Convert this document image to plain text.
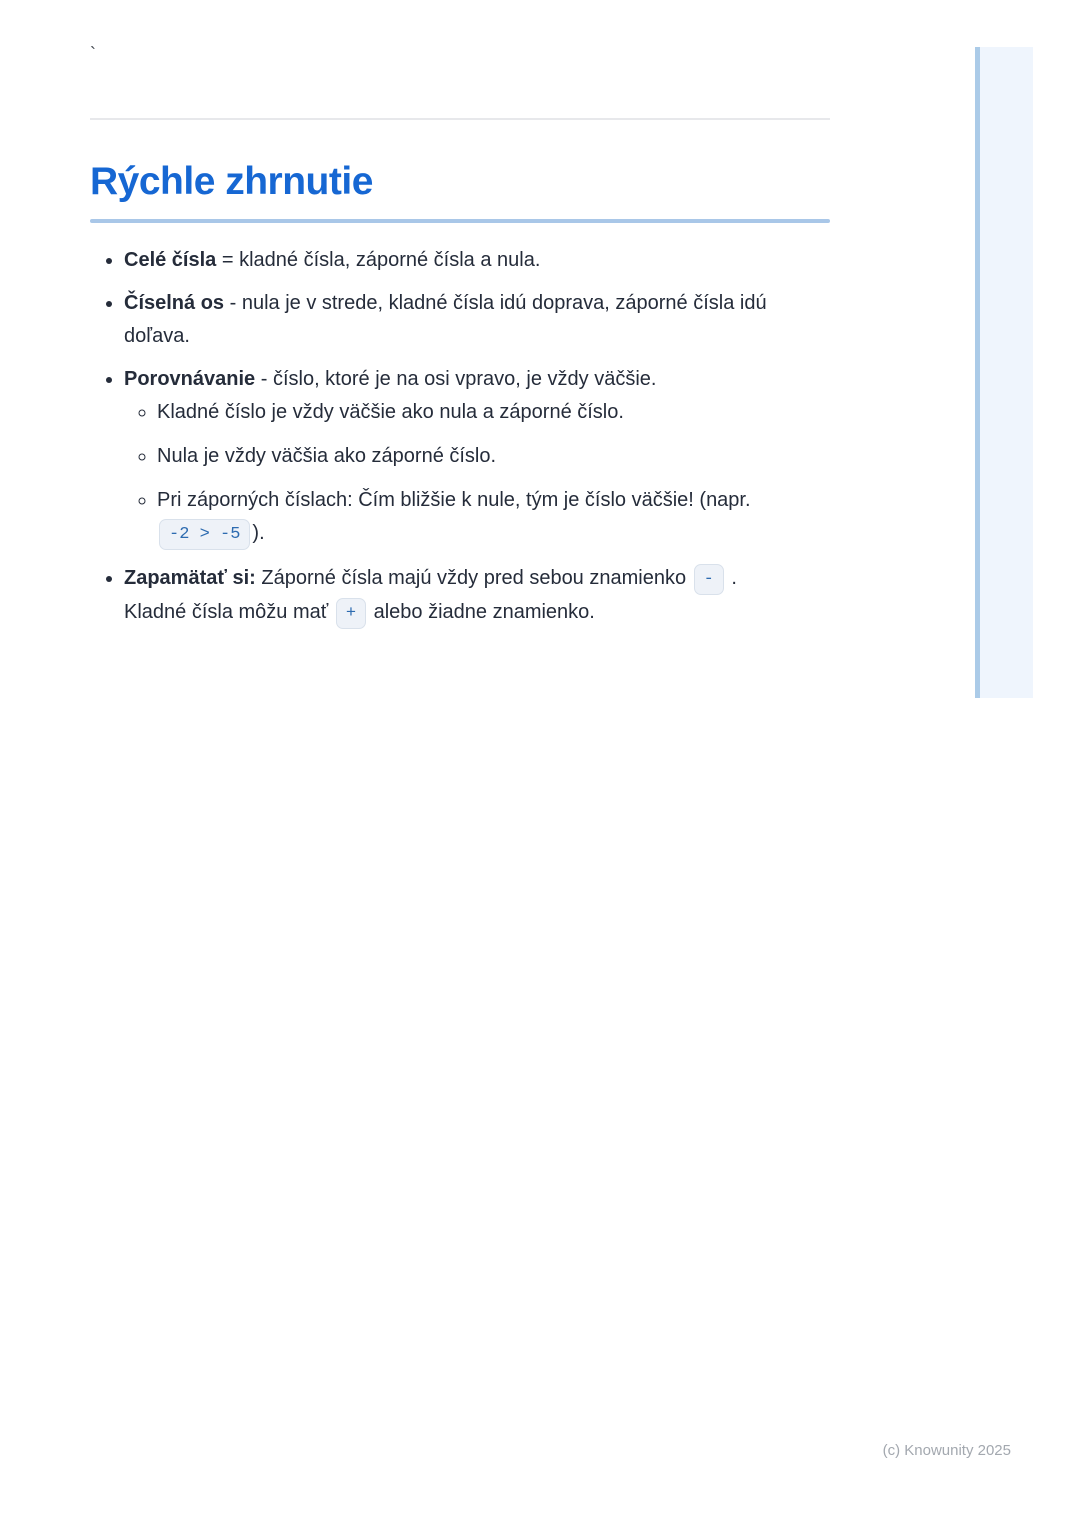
`
Rýchle zhrnutie
• Celé čísla = kladné čísla, záporné čísla a nula.
• Číselná os - nula je v strede, kladné čísla idú doprava, záporné čísla idú
doľava.
• Porovnávanie - číslo, ktoré je na osi vpravo, je vždy väčšie.
◦ Kladné číslo je vždy väčšie ako nula a záporné číslo.
◦ Nula je vždy väčšia ako záporné číslo.
◦ Pri záporných číslach: Čím bližšie k nule, tým je číslo väčšie! (napr.
-2 > -5 ).
• Zapamätať si: Záporné čísla majú vždy pred sebou znamienko - .
Kladné čísla môžu mať + alebo žiadne znamienko.
(c) Knowunity 2025
